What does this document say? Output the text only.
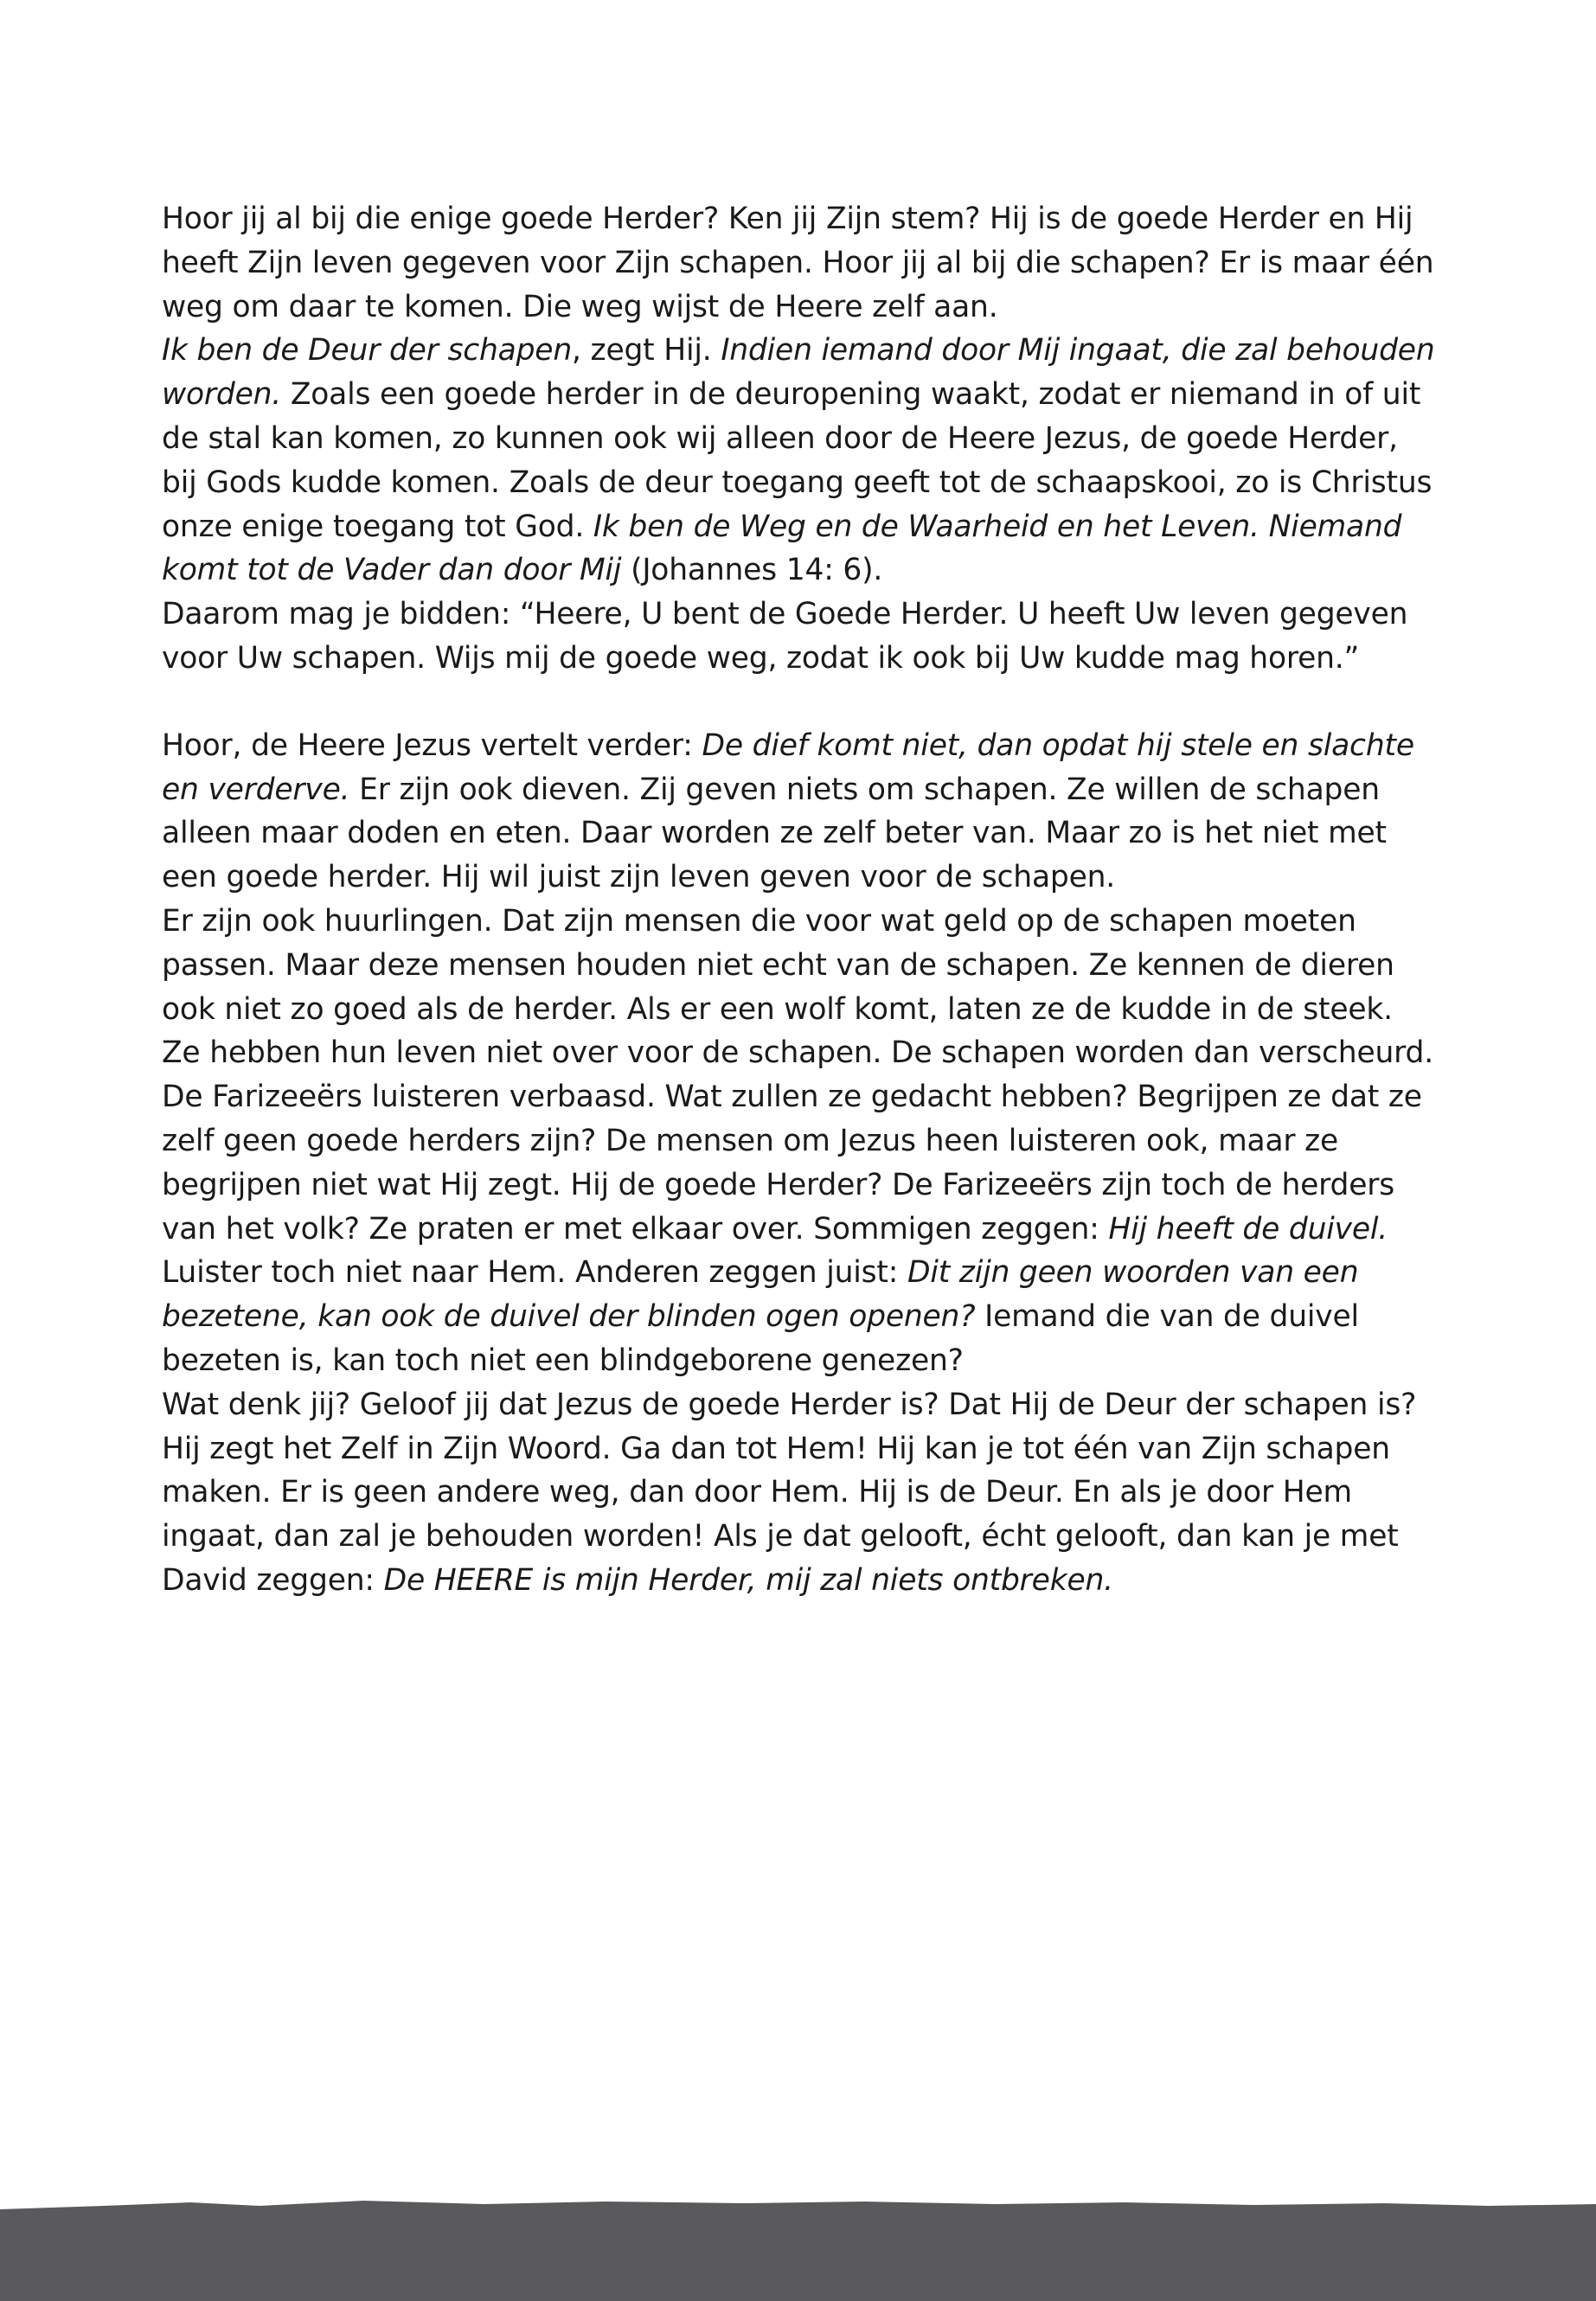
Hoor jij al bij die enige goede Herder? Ken jij Zijn stem? Hij is de goede Herder en Hij heeft Zijn leven gegeven voor Zijn schapen. Hoor jij al bij die schapen? Er is maar één weg om daar te komen. Die weg wijst de Heere zelf aan.

Ik ben de Deur der schapen, zegt Hij. Indien iemand door Mij ingaat, die zal behouden worden. Zoals een goede herder in de deuropening waakt, zodat er niemand in of uit de stal kan komen, zo kunnen ook wij alleen door de Heere Jezus, de goede Herder, bij Gods kudde komen. Zoals de deur toegang geeft tot de schaapskooi, zo is Christus onze enige toegang tot God. Ik ben de Weg en de Waarheid en het Leven. Niemand komt tot de Vader dan door Mij (Johannes 14: 6).

Daarom mag je bidden: “Heere, U bent de Goede Herder. U heeft Uw leven gegeven voor Uw schapen. Wijs mij de goede weg, zodat ik ook bij Uw kudde mag horen.”

Hoor, de Heere Jezus vertelt verder: De dief komt niet, dan opdat hij stele en slachte en verderve. Er zijn ook dieven. Zij geven niets om schapen. Ze willen de schapen alleen maar doden en eten. Daar worden ze zelf beter van. Maar zo is het niet met een goede herder. Hij wil juist zijn leven geven voor de schapen.

Er zijn ook huurlingen. Dat zijn mensen die voor wat geld op de schapen moeten passen. Maar deze mensen houden niet echt van de schapen. Ze kennen de dieren ook niet zo goed als de herder. Als er een wolf komt, laten ze de kudde in de steek.

Ze hebben hun leven niet over voor de schapen. De schapen worden dan verscheurd.

De Farizeeërs luisteren verbaasd. Wat zullen ze gedacht hebben? Begrijpen ze dat ze zelf geen goede herders zijn? De mensen om Jezus heen luisteren ook, maar ze begrijpen niet wat Hij zegt. Hij de goede Herder? De Farizeeërs zijn toch de herders van het volk? Ze praten er met elkaar over. Sommigen zeggen: Hij heeft de duivel. Luister toch niet naar Hem. Anderen zeggen juist: Dit zijn geen woorden van een bezetene, kan ook de duivel der blinden ogen openen? Iemand die van de duivel bezeten is, kan toch niet een blindgeborene genezen?

Wat denk jij? Geloof jij dat Jezus de goede Herder is? Dat Hij de Deur der schapen is? Hij zegt het Zelf in Zijn Woord. Ga dan tot Hem! Hij kan je tot één van Zijn schapen maken. Er is geen andere weg, dan door Hem. Hij is de Deur. En als je door Hem ingaat, dan zal je behouden worden! Als je dat gelooft, écht gelooft, dan kan je met David zeggen: De HEERE is mijn Herder, mij zal niets ontbreken.
